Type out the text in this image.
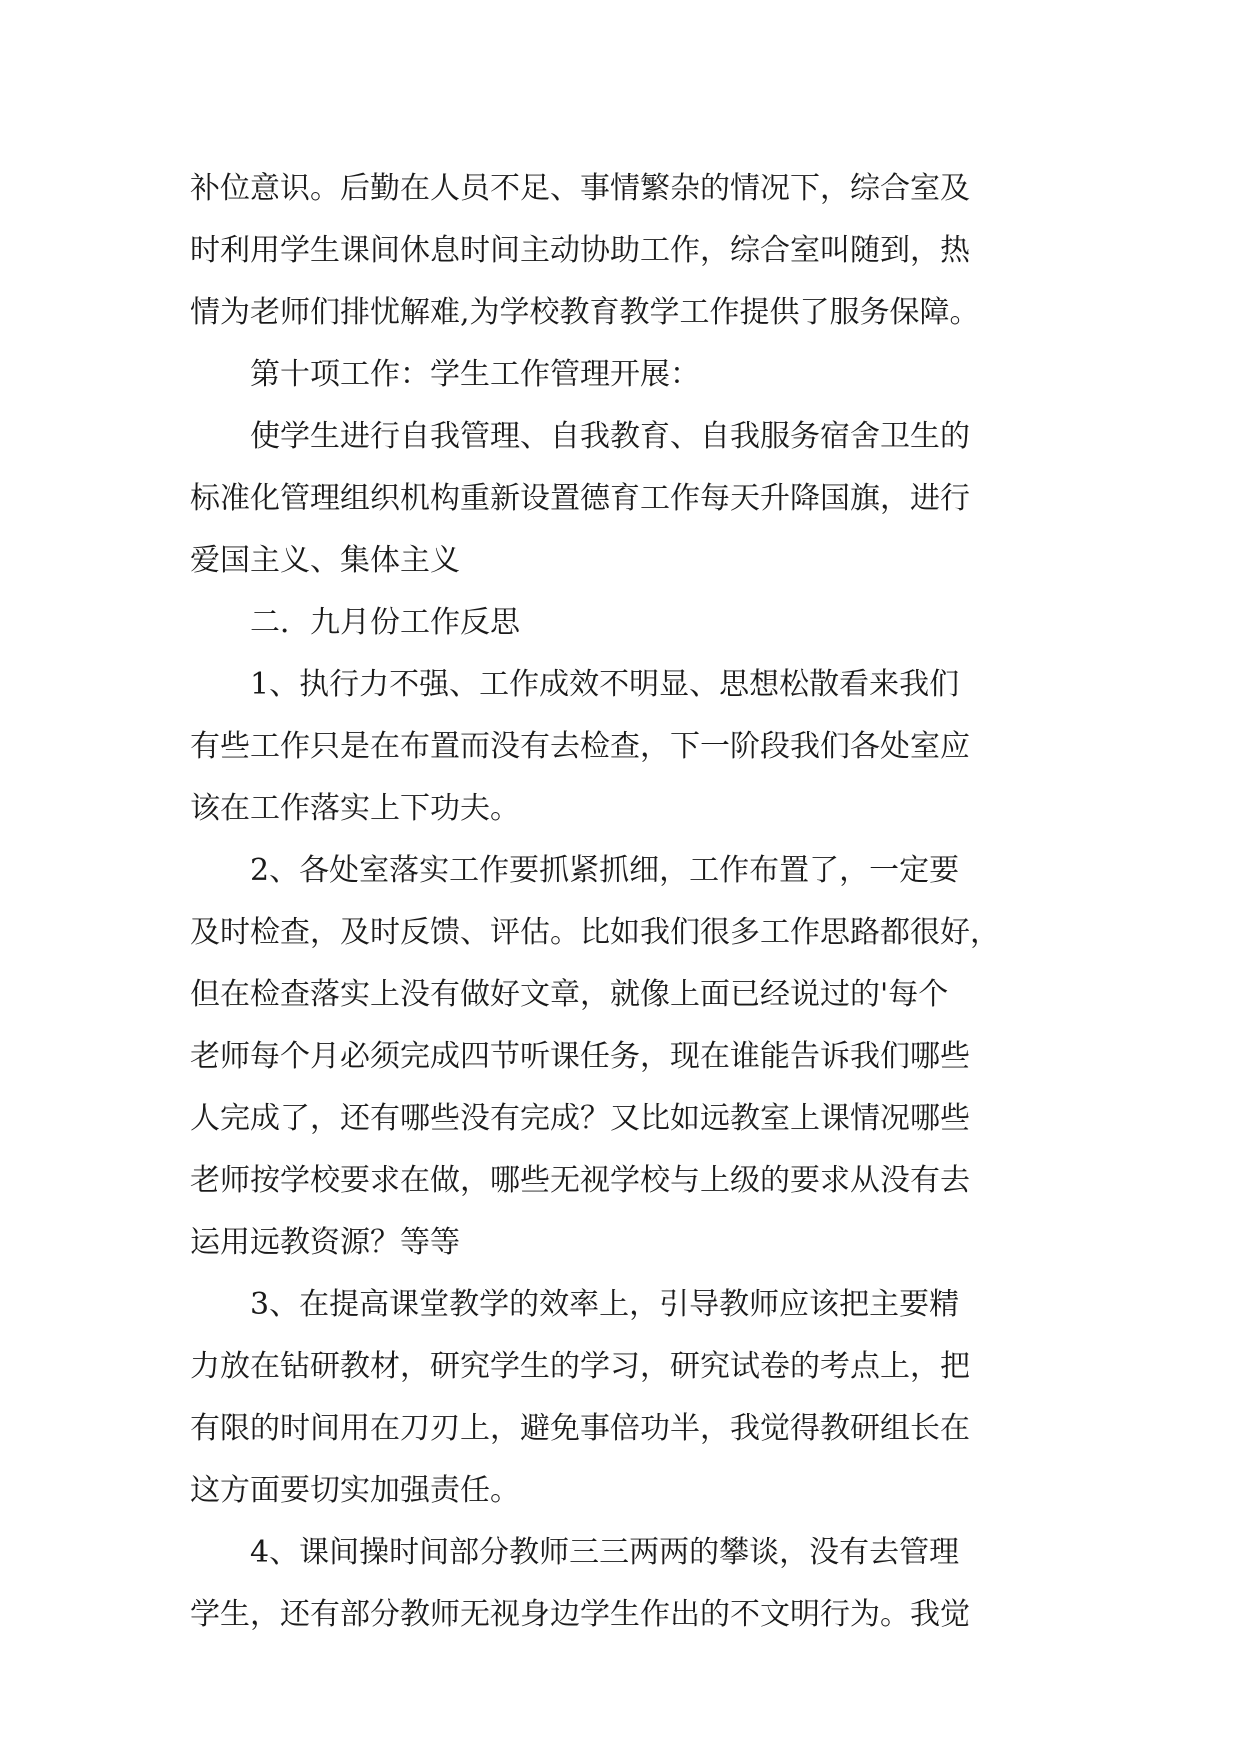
补位意识。后勤在人员不足、事情繁杂的情况下，综合室及
时利用学生课间休息时间主动协助工作，综合室叫随到，热
情为老师们排忧解难,为学校教育教学工作提供了服务保障。
第十项工作：学生工作管理开展：
使学生进行自我管理、自我教育、自我服务宿舍卫生的
标准化管理组织机构重新设置德育工作每天升降国旗，进行
爱国主义、集体主义
二．九月份工作反思
1、执行力不强、工作成效不明显、思想松散看来我们
有些工作只是在布置而没有去检查，下一阶段我们各处室应
该在工作落实上下功夫。
2、各处室落实工作要抓紧抓细，工作布置了，一定要
及时检查，及时反馈、评估。比如我们很多工作思路都很好，
但在检查落实上没有做好文章，就像上面已经说过的'每个
老师每个月必须完成四节听课任务，现在谁能告诉我们哪些
人完成了，还有哪些没有完成？又比如远教室上课情况哪些
老师按学校要求在做，哪些无视学校与上级的要求从没有去
运用远教资源？等等
3、在提高课堂教学的效率上，引导教师应该把主要精
力放在钻研教材，研究学生的学习，研究试卷的考点上，把
有限的时间用在刀刃上，避免事倍功半，我觉得教研组长在
这方面要切实加强责任。
4、课间操时间部分教师三三两两的攀谈，没有去管理
学生，还有部分教师无视身边学生作出的不文明行为。我觉
